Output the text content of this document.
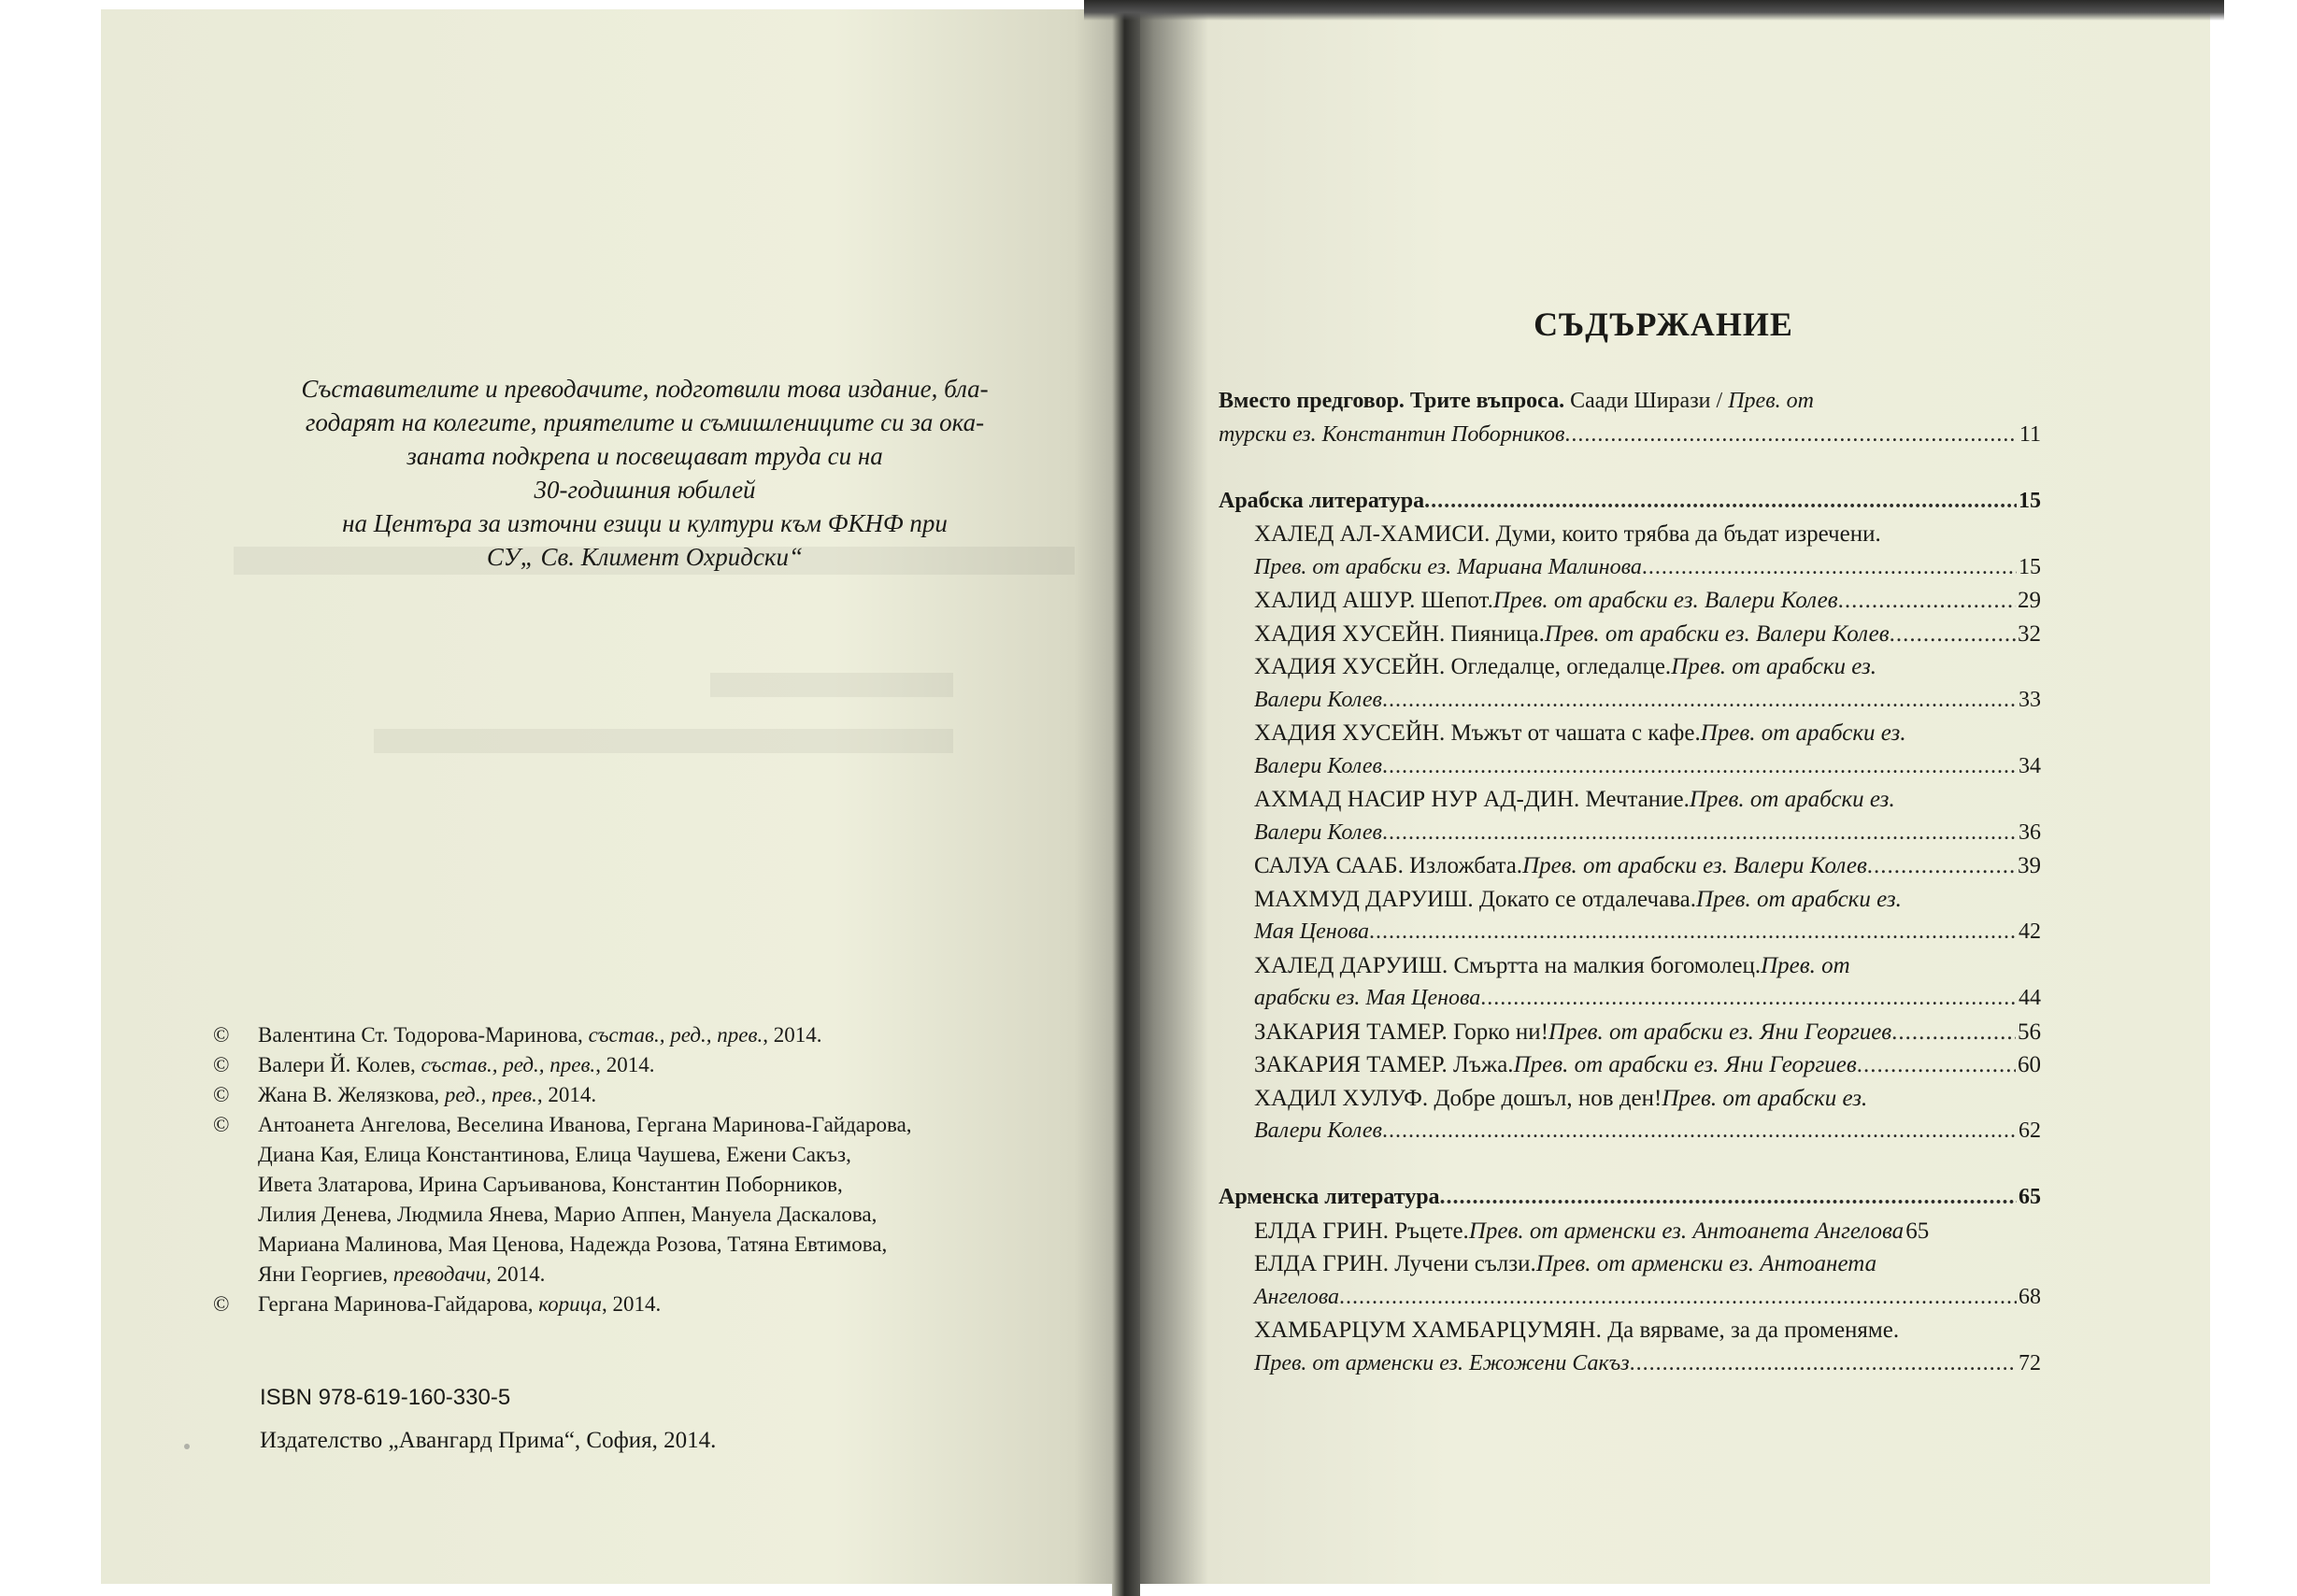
Съставителите и преводачите, подготвили това издание, бла-
годарят на колегите, приятелите и съмишлениците си за ока-
заната подкрепа и посвещават труда си на
30-годишния юбилей
на Центъра за източни езици и култури към ФКНФ при
СУ„ Св. Климент Охридски“
©	Валентина Ст. Тодорова-Маринова, състав., ред., прев., 2014.
©	Валери Й. Колев, състав., ред., прев., 2014.
©	Жана В. Желязкова, ред., прев., 2014.
©	Антоанета Ангелова, Веселина Иванова, Гергана Маринова-Гайдарова,
Диана Кая, Елица Константинова, Елица Чаушева, Ежени Сакъз,
Ивета Златарова, Ирина Саръиванова, Константин Поборников,
Лилия Денева, Людмила Янева, Марио Аппен, Мануела Даскалова,
Мариана Малинова, Мая Ценова, Надежда Розова, Татяна Евтимова,
Яни Георгиев, преводачи, 2014.
©	Гергана Маринова-Гайдарова, корица, 2014.
ISBN 978-619-160-330-5
Издателство „Авангард Прима“, София, 2014.
СЪДЪРЖАНИЕ
Вместо предговор. Трите въпроса. Саади Ширази / Прев. от
турски ез. Константин Поборников .....	11
Арабска литература .....	15
ХАЛЕД АЛ-ХАМИСИ. Думи, които трябва да бъдат изречени.
Прев. от арабски ез. Мариана Малинова .....	15
ХАЛИД АШУР. Шепот. Прев. от арабски ез. Валери Колев .....	29
ХАДИЯ ХУСЕЙН. Пияница. Прев. от арабски ез. Валери Колев .....	32
ХАДИЯ ХУСЕЙН. Огледалце, огледалце. Прев. от арабски ез.
Валери Колев .....	33
ХАДИЯ ХУСЕЙН. Мъжът от чашата с кафе. Прев. от арабски ез.
Валери Колев .....	34
АХМАД НАСИР НУР АД-ДИН. Мечтание. Прев. от арабски ез.
Валери Колев .....	36
САЛУА СААБ. Изложбата. Прев. от арабски ез. Валери Колев .....	39
МАХМУД ДАРУИШ. Докато се отдалечава. Прев. от арабски ез.
Мая Ценова .....	42
ХАЛЕД ДАРУИШ. Смъртта на малкия богомолец. Прев. от
арабски ез. Мая Ценова .....	44
ЗАКАРИЯ ТАМЕР. Горко ни! Прев. от арабски ез. Яни Георгиев .....	56
ЗАКАРИЯ ТАМЕР. Лъжа. Прев. от арабски ез. Яни Георгиев .....	60
ХАДИЛ ХУЛУФ. Добре дошъл, нов ден! Прев. от арабски ез.
Валери Колев .....	62
Арменска литература .....	65
ЕЛДА ГРИН. Ръцете. Прев. от арменски ез. Антоанета Ангелова 65
ЕЛДА ГРИН. Лучени сълзи. Прев. от арменски ез. Антоанета
Ангелова .....	68
ХАМБАРЦУМ ХАМБАРЦУМЯН. Да вярваме, за да променяме.
Прев. от арменски ез. Ежожени Сакъз .....	72
